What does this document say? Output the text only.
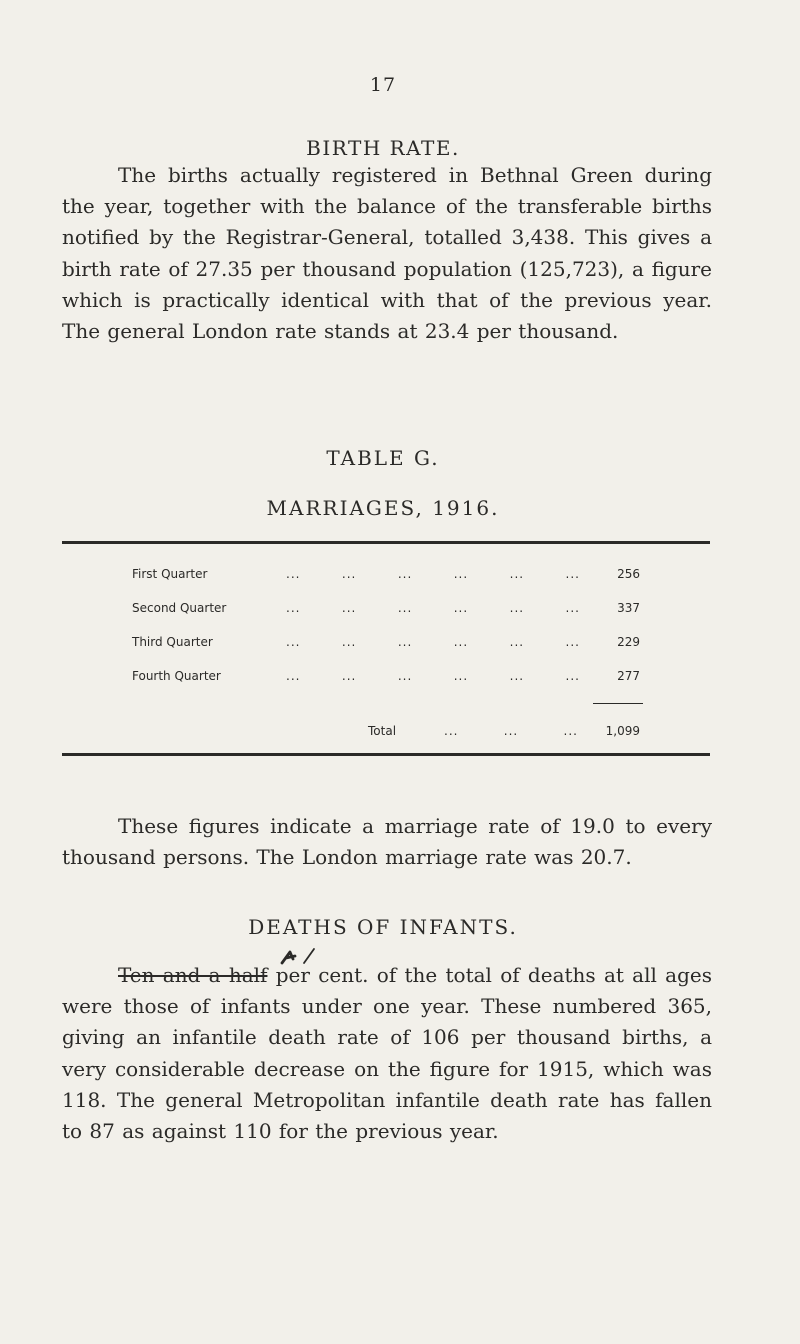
17
BIRTH RATE.

The births actually registered in Bethnal Green during the year, together with the balance of the transferable births notified by the Registrar-General, totalled 3,438. This gives a birth rate of 27.35 per thousand population (125,723), a figure which is practically identical with that of the previous year. The general London rate stands at 23.4 per thousand.

TABLE G.
MARRIAGES, 1916.
First Quarter	...	...	...	...	...	...	256
Second Quarter	...	...	...	...	...	...	337
Third Quarter	...	...	...	...	...	...	229
Fourth Quarter	...	...	...	...	...	...	277
Total	...	...	... 1,099

These figures indicate a marriage rate of 19.0 to every thousand persons. The London marriage rate was 20.7.

DEATHS OF INFANTS.

Ten and a half per cent. of the total of deaths at all ages were those of infants under one year. These numbered 365, giving an infantile death rate of 106 per thousand births, a very considerable decrease on the figure for 1915, which was 118. The general Metropolitan infantile death rate has fallen to 87 as against 110 for the previous year.
